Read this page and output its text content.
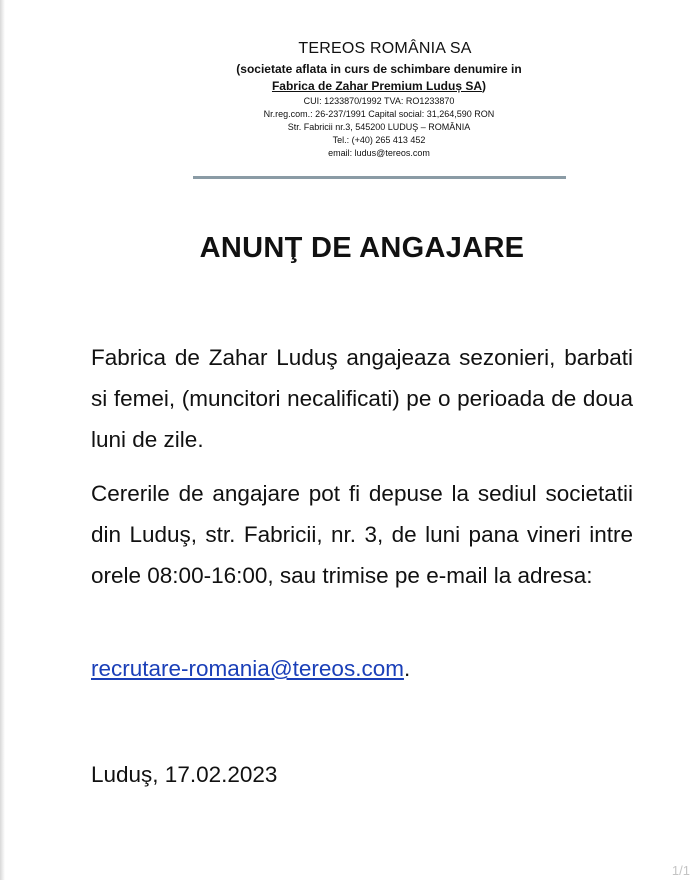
TEREOS ROMÂNIA SA
(societate aflata in curs de schimbare denumire in
Fabrica de Zahar Premium Luduș SA)
CUI: 1233870/1992 TVA: RO1233870
Nr.reg.com.: 26-237/1991 Capital social: 31,264,590 RON
Str. Fabricii nr.3, 545200 LUDUŞ – ROMÂNIA
Tel.: (+40) 265 413 452
email: ludus@tereos.com
ANUNŢ DE ANGAJARE
Fabrica de Zahar Luduş angajeaza sezonieri, barbati si femei, (muncitori necalificati) pe o perioada de doua luni de zile.
Cererile de angajare pot fi depuse la sediul societatii din Luduş, str. Fabricii, nr. 3, de luni pana vineri intre orele 08:00-16:00, sau trimise pe e-mail la adresa:
recrutare-romania@tereos.com.
Luduş, 17.02.2023
1/1
